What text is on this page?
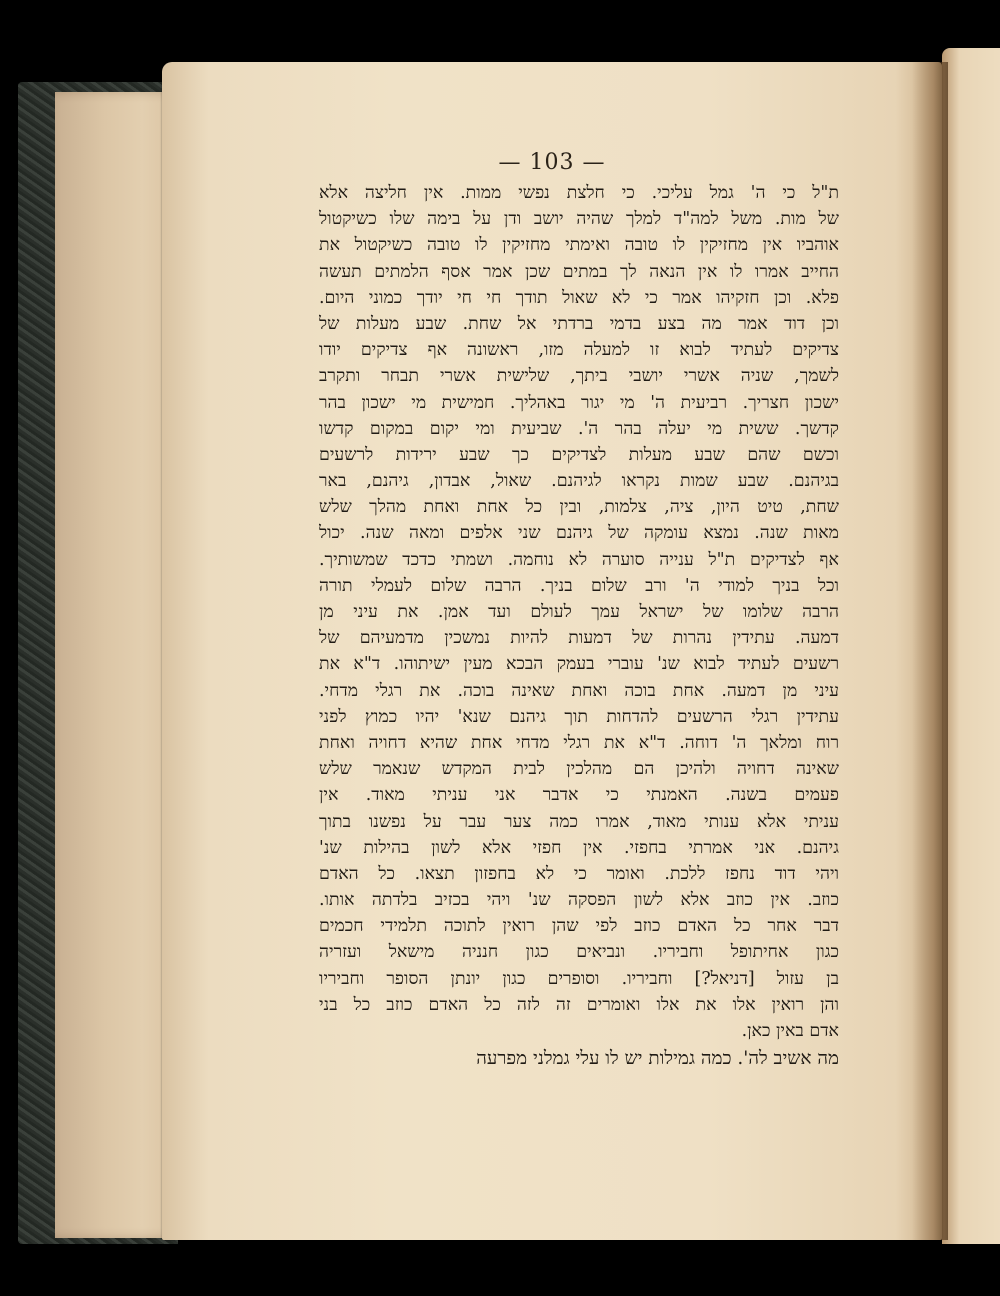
— 103 —
ת"ל כי ה' גמל עליכי. כי חלצת נפשי ממות. אין חליצה אלא
של מות. משל למה"ד למלך שהיה יושב ודן על בימה שלו כשיקטול
אוהביו אין מחזיקין לו טובה ואימתי מחזיקין לו טובה כשיקטול את
החייב אמרו לו אין הנאה לך במתים שכן אמר אסף הלמתים תעשה
פלא. וכן חזקיהו אמר כי לא שאול תודך חי חי יודך כמוני היום.
וכן דוד אמר מה בצע בדמי ברדתי אל שחת. שבע מעלות של
צדיקים לעתיד לבוא זו למעלה מזו, ראשונה אף צדיקים יודו
לשמך, שניה אשרי יושבי ביתך, שלישית אשרי תבחר ותקרב
ישכון חצריך. רביעית ה' מי יגור באהליך. חמישית מי ישכון בהר
קדשך. ששית מי יעלה בהר ה'. שביעית ומי יקום במקום קדשו
וכשם שהם שבע מעלות לצדיקים כך שבע ירידות לרשעים
בגיהנם. שבע שמות נקראו לגיהנם. שאול, אבדון, גיהנם, באר
שחת, טיט היון, ציה, צלמות, ובין כל אחת ואחת מהלך שלש
מאות שנה. נמצא עומקה של גיהנם שני אלפים ומאה שנה. יכול
אף לצדיקים ת"ל ענייה סוערה לא נוחמה. ושמתי כדכד שמשותיך.
וכל בניך למודי ה' ורב שלום בניך. הרבה שלום לעמלי תורה
הרבה שלומו של ישראל עמך לעולם ועד אמן. את עיני מן
דמעה. עתידין נהרות של דמעות להיות נמשכין מדמעיהם של
רשעים לעתיד לבוא שנ' עוברי בעמק הבכא מעין ישיתוהו. ד"א את
עיני מן דמעה. אחת בוכה ואחת שאינה בוכה. את רגלי מדחי.
עתידין רגלי הרשעים להדחות תוך גיהנם שנא' יהיו כמוץ לפני
רוח ומלאך ה' דוחה. ד"א את רגלי מדחי אחת שהיא דחויה ואחת
שאינה דחויה ולהיכן הם מהלכין לבית המקדש שנאמר שלש
פעמים בשנה. האמנתי כי אדבר אני עניתי מאוד. אין
עניתי אלא ענותי מאוד, אמרו כמה צער עבר על נפשנו בתוך
גיהנם. אני אמרתי בחפזי. אין חפזי אלא לשון בהילות שנ'
ויהי דוד נחפז ללכת. ואומר כי לא בחפזון תצאו. כל האדם
כוזב. אין כוזב אלא לשון הפסקה שנ' ויהי בכזיב בלדתה אותו.
דבר אחר כל האדם כוזב לפי שהן רואין לתוכה תלמידי חכמים
כגון אחיתופל וחביריו. ונביאים כגון חנניה מישאל ועזריה
בן עזול [דניאל?] וחביריו. וסופרים כגון יונתן הסופר וחביריו
והן רואין אלו את אלו ואומרים זה לזה כל האדם כוזב כל בני
אדם באין כאן.
מה אשיב לה'. כמה גמילות יש לו עלי גמלני מפרעה
